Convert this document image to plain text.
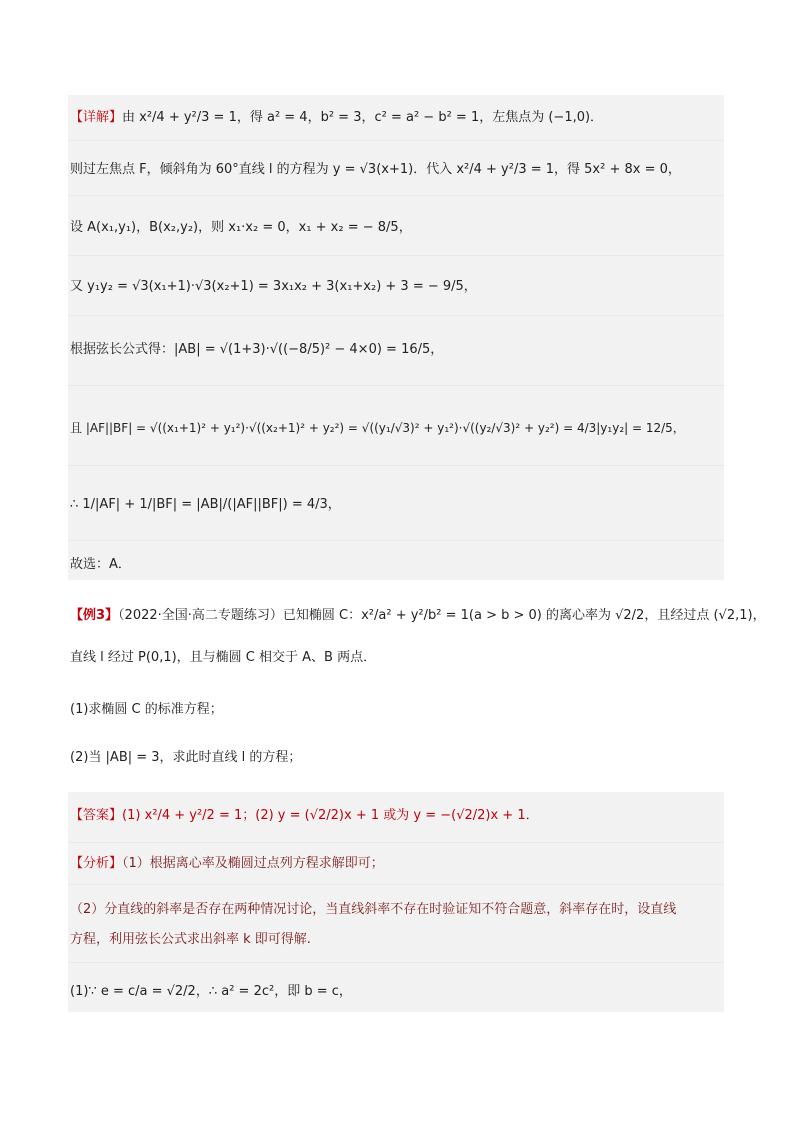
【详解】由 x²/4 + y²/3 = 1，得 a² = 4，b² = 3，c² = a² − b² = 1，左焦点为 (−1,0)．
则过左焦点 F，倾斜角为 60°直线 l 的方程为 y = √3(x+1)．代入 x²/4 + y²/3 = 1，得 5x² + 8x = 0，
设 A(x₁,y₁)，B(x₂,y₂)，则 x₁·x₂ = 0，x₁ + x₂ = − 8/5，
又 y₁y₂ = √3(x₁+1)·√3(x₂+1) = 3x₁x₂ + 3(x₁+x₂) + 3 = − 9/5，
根据弦长公式得：|AB| = √(1+3)·√((−8/5)² − 4×0) = 16/5，
且 |AF||BF| = √((x₁+1)² + y₁²)·√((x₂+1)² + y₂²) = √((y₁/√3)² + y₁²)·√((y₂/√3)² + y₂²) = 4/3|y₁y₂| = 12/5，
∴ 1/|AF| + 1/|BF| = |AB|/(|AF||BF|) = 4/3，
故选：A．
【例3】（2022·全国·高二专题练习）已知椭圆 C：x²/a² + y²/b² = 1(a > b > 0) 的离心率为 √2/2，且经过点 (√2,1)，
直线 l 经过 P(0,1)，且与椭圆 C 相交于 A、B 两点．
(1)求椭圆 C 的标准方程；
(2)当 |AB| = 3，求此时直线 l 的方程；
【答案】(1) x²/4 + y²/2 = 1；(2) y = (√2/2)x + 1 或为 y = −(√2/2)x + 1．
【分析】（1）根据离心率及椭圆过点列方程求解即可；
（2）分直线的斜率是否存在两种情况讨论，当直线斜率不存在时验证知不符合题意，斜率存在时，设直线
方程，利用弦长公式求出斜率 k 即可得解.
(1)∵ e = c/a = √2/2，∴ a² = 2c²，即 b = c，
